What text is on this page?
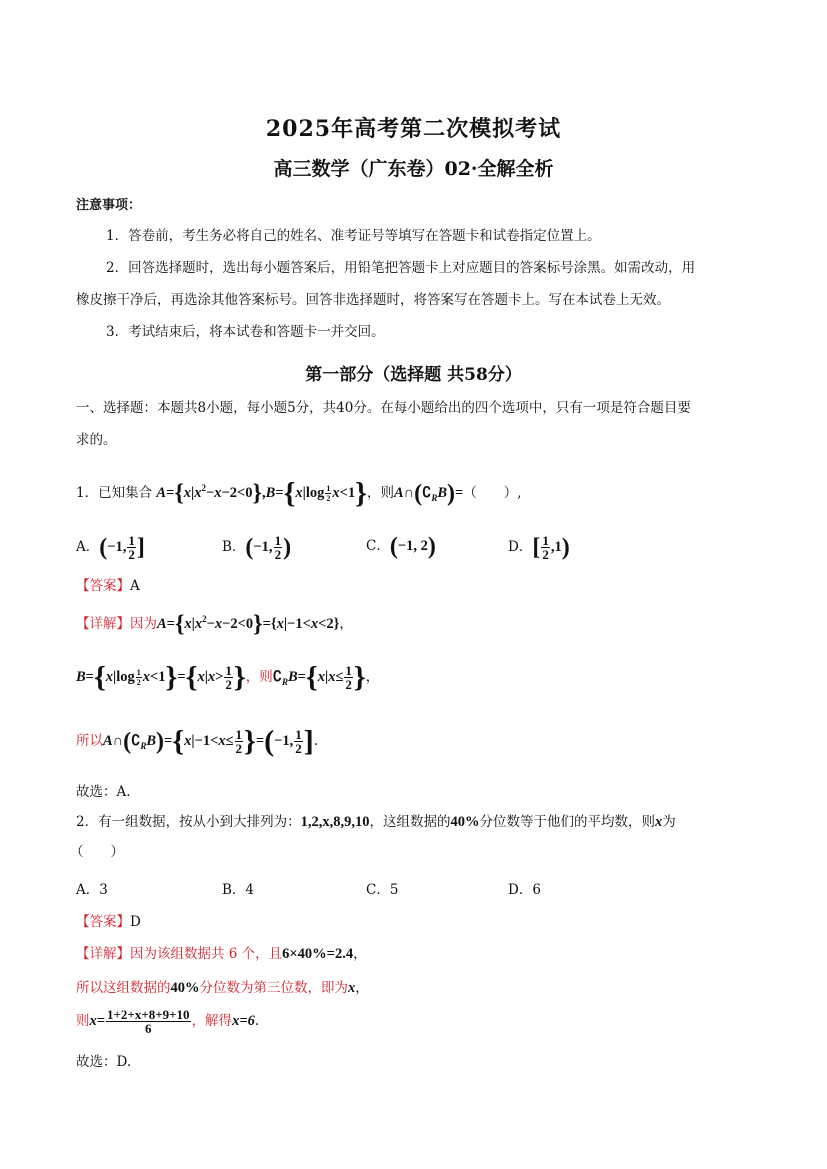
2025年高考第二次模拟考试
高三数学（广东卷）02·全解全析
注意事项：
1．答卷前，考生务必将自己的姓名、准考证号等填写在答题卡和试卷指定位置上。
2．回答选择题时，选出每小题答案后，用铅笔把答题卡上对应题目的答案标号涂黑。如需改动，用
橡皮擦干净后，再选涂其他答案标号。回答非选择题时，将答案写在答题卡上。写在本试卷上无效。
3．考试结束后，将本试卷和答题卡一并交回。
第一部分（选择题 共58分）
一、选择题：本题共8小题，每小题5分，共40分。在每小题给出的四个选项中，只有一项是符合题目要
求的。
1．已知集合 $A=\{x|x^2-x-2<0\},B=\{x|\log \frac{1}{2} x<1\}$，则$A\cap(∁_RB)=$（　　）,
A．(−1, $\frac{1}{2}$ ]	B．(−1, $\frac{1}{2}$ )	C．(−1, 2)	D．[ $\frac{1}{2} ,1$)
【答案】A
【详解】因为$A=\{x|x^2-x-2<0\}=\{x|-1<x<2\}$，
$B=\{x|\log \frac{1}{2} x<1\}=\{x|x> \frac{1}{2}$ }，则$∁_RB=\{x|x\le \frac{1}{2}$ }，
所以$A\cap(∁_RB)=\{x|-1<x\le \frac{1}{2} \}=(-1$, $\frac{1}{2}$ ].
故选：A.
2．有一组数据，按从小到大排列为：1,2,x,8,9,10，这组数据的40%分位数等于他们的平均数，则x为
（　　）
A．3	B．4	C．5	D．6
【答案】D
【详解】因为该组数据共 6 个，且6×40%=2.4，
所以这组数据的40%分位数为第三位数，即为x，
则$x= \frac{1+2+x+8+9+10}{6}$ ，解得x=6.
故选：D.
